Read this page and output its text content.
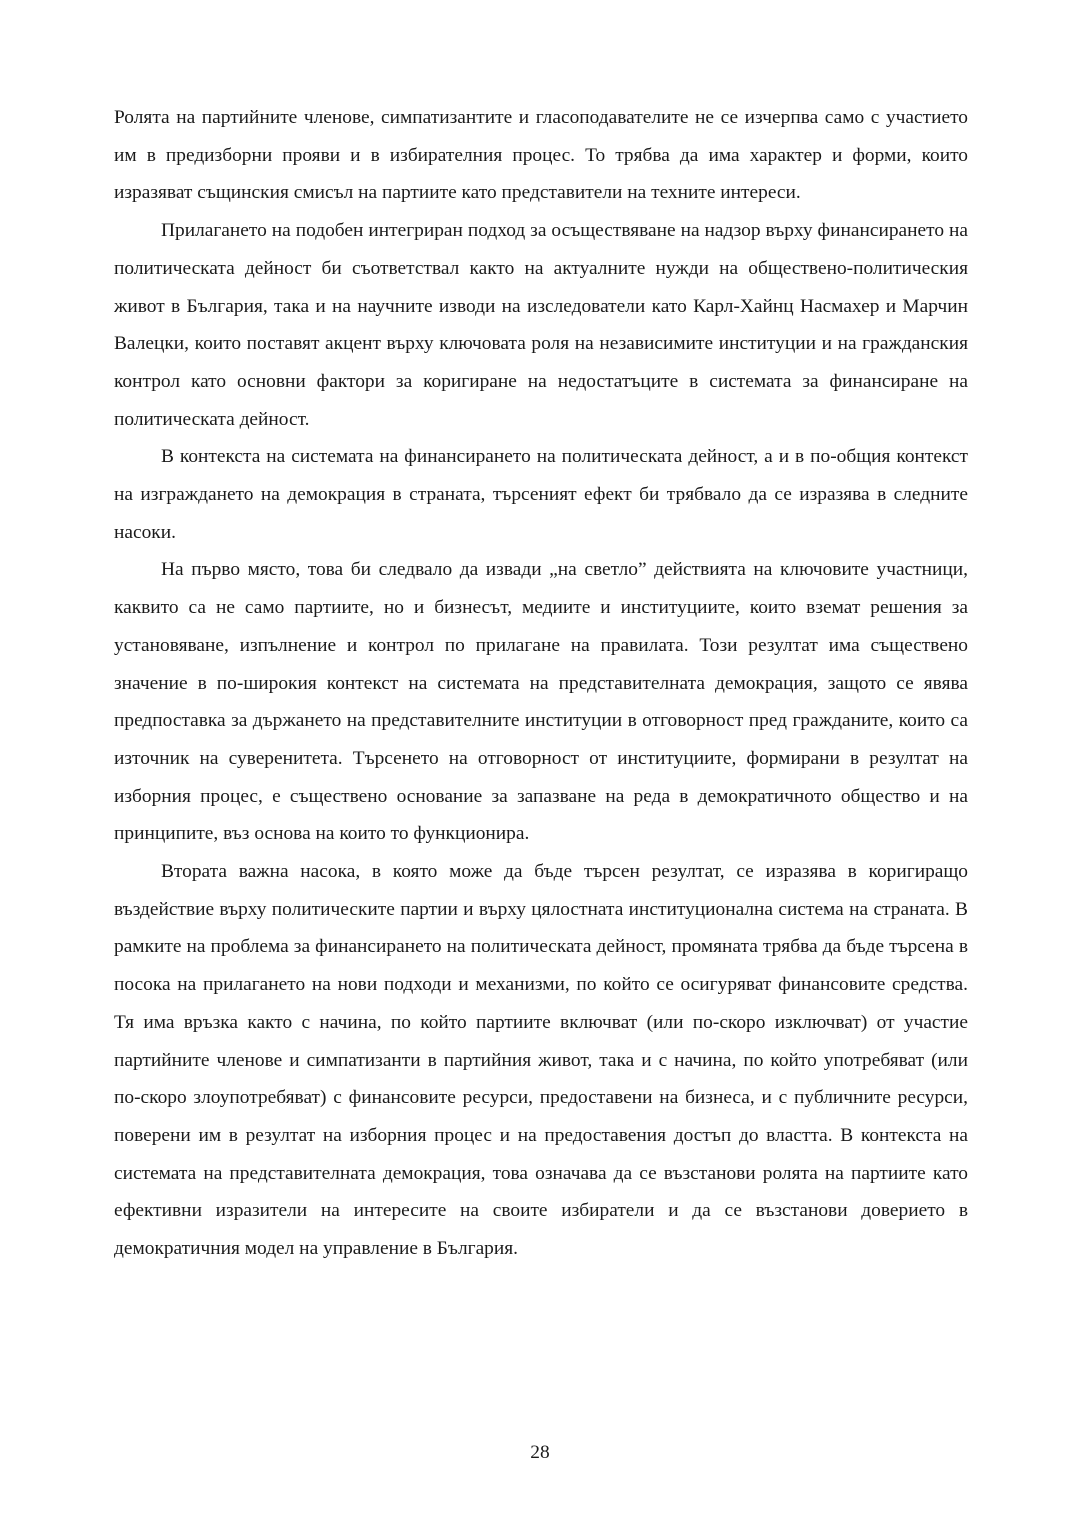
Ролята на партийните членове, симпатизантите и гласоподавателите не се изчерпва само с участието им в предизборни прояви и в избирателния процес. То трябва да има характер и форми, които изразяват същинския смисъл на партиите като представители на техните интереси.

Прилагането на подобен интегриран подход за осъществяване на надзор върху финансирането на политическата дейност би съответствал както на актуалните нужди на обществено-политическия живот в България, така и на научните изводи на изследователи като Карл-Хайнц Насмахер и Марчин Валецки, които поставят акцент върху ключовата роля на независимите институции и на гражданския контрол като основни фактори за коригиране на недостатъците в системата за финансиране на политическата дейност.

В контекста на системата на финансирането на политическата дейност, а и в по-общия контекст на изграждането на демокрация в страната, търсеният ефект би трябвало да се изразява в следните насоки.

На първо място, това би следвало да извади „на светло” действията на ключовите участници, каквито са не само партиите, но и бизнесът, медиите и институциите, които вземат решения за установяване, изпълнение и контрол по прилагане на правилата. Този резултат има съществено значение в по-широкия контекст на системата на представителната демокрация, защото се явява предпоставка за държането на представителните институции в отговорност пред гражданите, които са източник на суверенитета. Търсенето на отговорност от институциите, формирани в резултат на изборния процес, е съществено основание за запазване на реда в демократичното общество и на принципите, въз основа на които то функционира.

Втората важна насока, в която може да бъде търсен резултат, се изразява в коригиращо въздействие върху политическите партии и върху цялостната институционална система на страната. В рамките на проблема за финансирането на политическата дейност, промяната трябва да бъде търсена в посока на прилагането на нови подходи и механизми, по който се осигуряват финансовите средства. Тя има връзка както с начина, по който партиите включват (или по-скоро изключват) от участие партийните членове и симпатизанти в партийния живот, така и с начина, по който употребяват (или по-скоро злоупотребяват) с финансовите ресурси, предоставени на бизнеса, и с публичните ресурси, поверени им в резултат на изборния процес и на предоставения достъп до властта. В контекста на системата на представителната демокрация, това означава да се възстанови ролята на партиите като ефективни изразители на интересите на своите избиратели и да се възстанови доверието в демократичния модел на управление в България.

28
